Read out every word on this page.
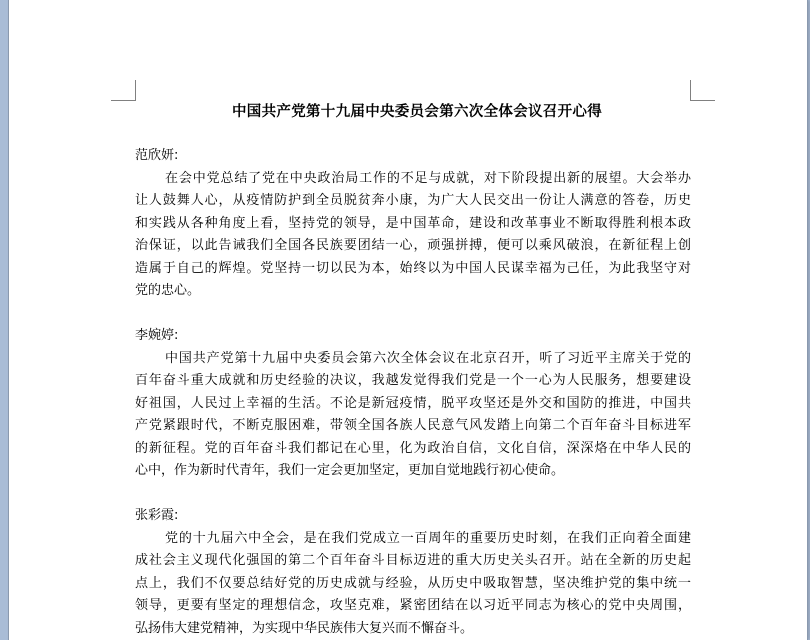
中国共产党第十九届中央委员会第六次全体会议召开心得
范欣妍:
在会中党总结了党在中央政治局工作的不足与成就，对下阶段提出新的展望。大会举办
让人鼓舞人心，从疫情防护到全员脱贫奔小康，为广大人民交出一份让人满意的答卷，历史
和实践从各种角度上看，坚持党的领导，是中国革命，建设和改革事业不断取得胜利根本政
治保证，以此告诫我们全国各民族要团结一心，顽强拼搏，便可以乘风破浪，在新征程上创
造属于自己的辉煌。党坚持一切以民为本，始终以为中国人民谋幸福为己任，为此我坚守对
党的忠心。
李婉婷:
中国共产党第十九届中央委员会第六次全体会议在北京召开，听了习近平主席关于党的
百年奋斗重大成就和历史经验的决议，我越发觉得我们党是一个一心为人民服务，想要建设
好祖国，人民过上幸福的生活。不论是新冠疫情，脱平攻坚还是外交和国防的推进，中国共
产党紧跟时代，不断克服困难，带领全国各族人民意气风发踏上向第二个百年奋斗目标进军
的新征程。党的百年奋斗我们都记在心里，化为政治自信，文化自信，深深烙在中华人民的
心中，作为新时代青年，我们一定会更加坚定，更加自觉地践行初心使命。
张彩霞:
党的十九届六中全会，是在我们党成立一百周年的重要历史时刻，在我们正向着全面建
成社会主义现代化强国的第二个百年奋斗目标迈进的重大历史关头召开。站在全新的历史起
点上，我们不仅要总结好党的历史成就与经验，从历史中吸取智慧，坚决维护党的集中统一
领导，更要有坚定的理想信念，攻坚克难，紧密团结在以习近平同志为核心的党中央周围，
弘扬伟大建党精神，为实现中华民族伟大复兴而不懈奋斗。
